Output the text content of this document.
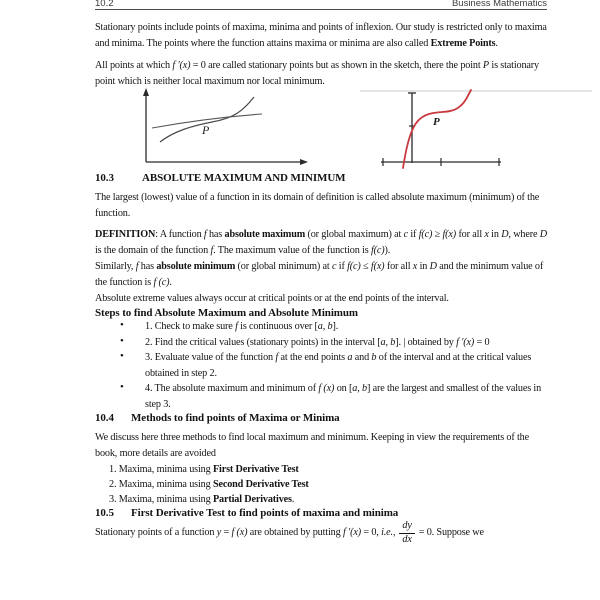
10.2	Business Mathematics

Stationary points include points of maxima, minima and points of inflexion. Our study is restricted only to maxima and minima. The points where the function attains maxima or minima are also called Extreme Points.

All points at which f ′(x) = 0 are called stationary points but as shown in the sketch, there the point P is stationary point which is neither local maximum nor local minimum.

P
P
10.3	ABSOLUTE MAXIMUM AND MINIMUM

The largest (lowest) value of a function in its domain of definition is called absolute maximum (minimum) of the function.

DEFINITION: A function f has absolute maximum (or global maximum) at c if f(c) ≥ f(x) for all x in D, where D is the domain of the function f. The maximum value of the function is f(c)).

Similarly, f has absolute minimum (or global minimum) at c if f(c) ≤ f(x) for all x in D and the minimum value of the function is f (c).

Absolute extreme values always occur at critical points or at the end points of the interval.

Steps to find Absolute Maximum and Absolute Minimum
• 1. Check to make sure f is continuous over [a, b].
• 2. Find the critical values (stationary points) in the interval [a, b]. | obtained by f ′(x) = 0
• 3. Evaluate value of the function f at the end points a and b of the interval and at the critical values obtained in step 2.
• 4. The absolute maximum and minimum of f (x) on [a, b] are the largest and smallest of the values in step 3.
10.4 Methods to find points of Maxima or Minima

We discuss here three methods to find local maximum and minimum. Keeping in view the requirements of the book, more details are avoided

1. Maxima, minima using First Derivative Test

2. Maxima, minima using Second Derivative Test

3. Maxima, minima using Partial Derivatives.

10.5 First Derivative Test to find points of maxima and minima
Stationary points of a function y = f (x) are obtained by putting f ′(x) = 0, i.e., $\frac{dy}{dx} = 0$. Suppose we
